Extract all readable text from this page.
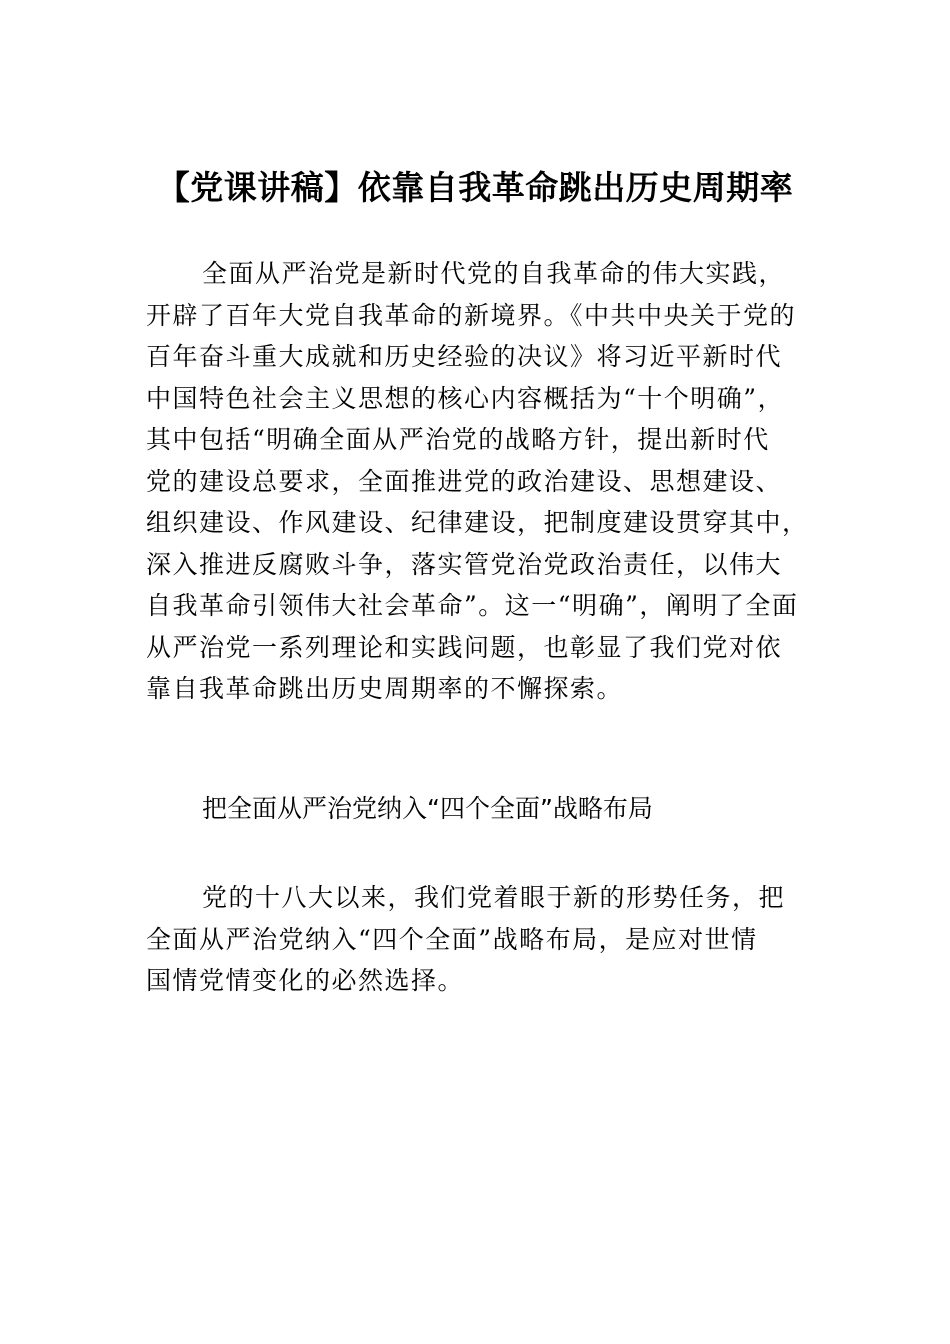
【党课讲稿】依靠自我革命跳出历史周期率
全面从严治党是新时代党的自我革命的伟大实践，
开辟了百年大党自我革命的新境界。《中共中央关于党的
百年奋斗重大成就和历史经验的决议》将习近平新时代
中国特色社会主义思想的核心内容概括为“十个明确”，
其中包括“明确全面从严治党的战略方针，提出新时代
党的建设总要求，全面推进党的政治建设、思想建设、
组织建设、作风建设、纪律建设，把制度建设贯穿其中，
深入推进反腐败斗争，落实管党治党政治责任，以伟大
自我革命引领伟大社会革命”。这一“明确”，阐明了全面
从严治党一系列理论和实践问题，也彰显了我们党对依
靠自我革命跳出历史周期率的不懈探索。
把全面从严治党纳入“四个全面”战略布局
党的十八大以来，我们党着眼于新的形势任务，把
全面从严治党纳入“四个全面”战略布局，是应对世情
国情党情变化的必然选择。
